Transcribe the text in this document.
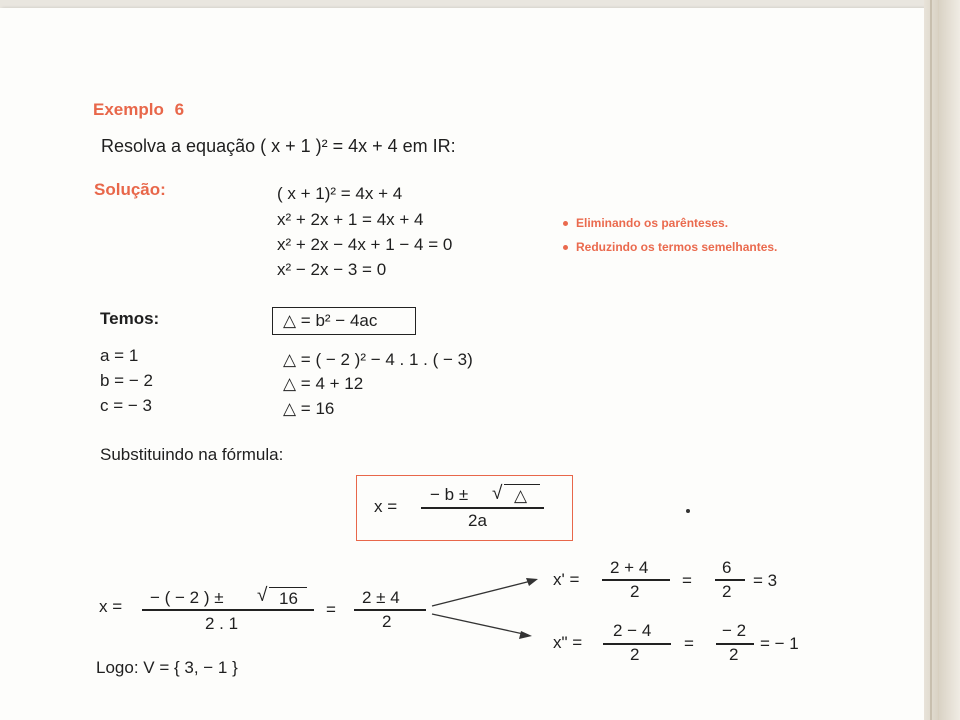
Exemplo 6
Resolva a equação ( x + 1 )² = 4x + 4 em IR:
Solução:	( x + 1)² = 4x + 4
x² + 2x + 1 = 4x + 4
x² + 2x − 4x + 1 − 4 = 0
x² − 2x − 3 = 0
Eliminando os parênteses.
Reduzindo os termos semelhantes.
Temos:	△ = b² − 4ac
a = 1
b = − 2
c = − 3
△ = ( − 2 )² − 4 . 1 . ( − 3)
△ = 4 + 12
△ = 16
Substituindo na fórmula:
x =
− b ± √ △
2a
x = − ( − 2 ) ± √ 16
2 . 1
=
2 ± 4
2
x' =
2 + 4
2
=
6
2
= 3
x" =
2 − 4
2
=
− 2
2
= − 1
Logo: V = { 3, − 1 }
